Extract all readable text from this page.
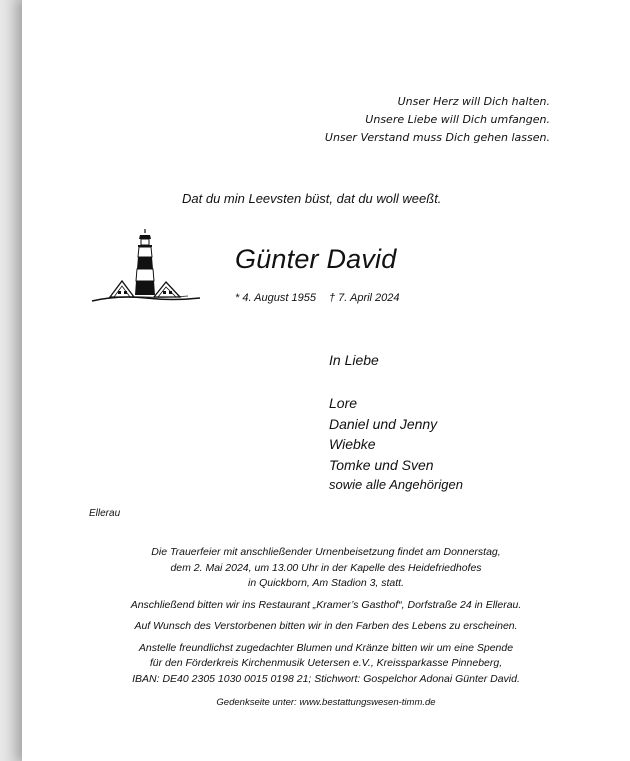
Unser Herz will Dich halten.
Unsere Liebe will Dich umfangen.
Unser Verstand muss Dich gehen lassen.
Dat du min Leevsten büst, dat du woll weeßt.
Günter David
* 4. August 1955 † 7. April 2024
In Liebe
Lore
Daniel und Jenny
Wiebke
Tomke und Sven
sowie alle Angehörigen
Ellerau
Die Trauerfeier mit anschließender Urnenbeisetzung findet am Donnerstag,
dem 2. Mai 2024, um 13.00 Uhr in der Kapelle des Heidefriedhofes
in Quickborn, Am Stadion 3, statt.
Anschließend bitten wir ins Restaurant „Kramer’s Gasthof“, Dorfstraße 24 in Ellerau.
Auf Wunsch des Verstorbenen bitten wir in den Farben des Lebens zu erscheinen.
Anstelle freundlichst zugedachter Blumen und Kränze bitten wir um eine Spende
für den Förderkreis Kirchenmusik Uetersen e.V., Kreissparkasse Pinneberg,
IBAN: DE40 2305 1030 0015 0198 21; Stichwort: Gospelchor Adonai Günter David.
Gedenkseite unter: www.bestattungswesen-timm.de
